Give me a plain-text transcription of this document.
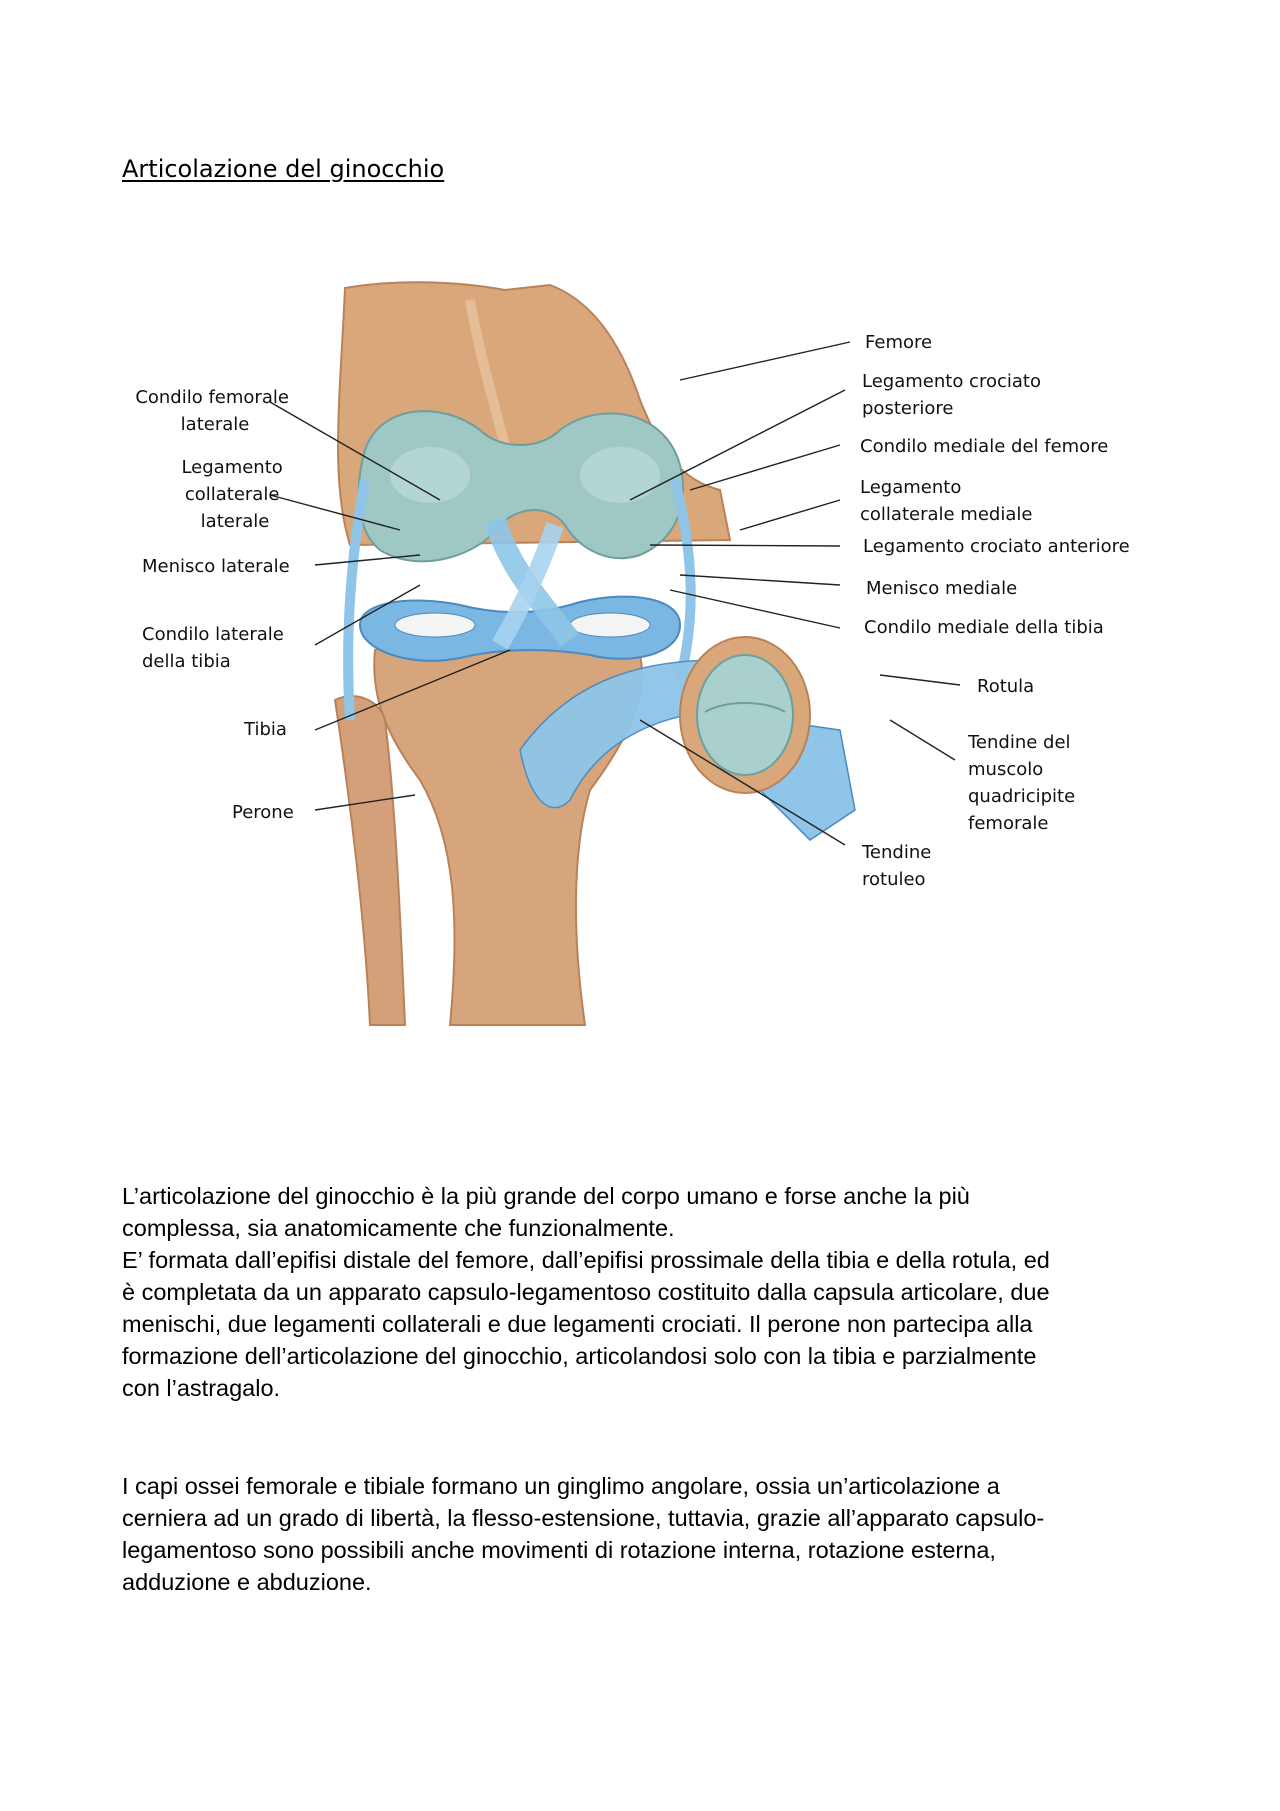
Articolazione del ginocchio
Condilo femorale laterale
Legamento collaterale laterale
Menisco laterale
Condilo laterale della tibia
Tibia
Perone
Femore
Legamento crociato posteriore
Condilo mediale del femore
Legamento collaterale mediale
Legamento crociato anteriore
Menisco mediale
Condilo mediale della tibia
Rotula
Tendine del muscolo quadricipite femorale
Tendine rotuleo

L’articolazione del ginocchio è la più grande del corpo umano e forse anche la più
complessa, sia anatomicamente che funzionalmente.
E’ formata dall’epifisi distale del femore, dall’epifisi prossimale della tibia e della rotula, ed
è completata da un apparato capsulo-legamentoso costituito dalla capsula articolare, due
menischi, due legamenti collaterali e due legamenti crociati. Il perone non partecipa alla
formazione dell’articolazione del ginocchio, articolandosi solo con la tibia e parzialmente
con l’astragalo.

I capi ossei femorale e tibiale formano un ginglimo angolare, ossia un’articolazione a
cerniera ad un grado di libertà, la flesso-estensione, tuttavia, grazie all’apparato capsulo-
legamentoso sono possibili anche movimenti di rotazione interna, rotazione esterna,
adduzione e abduzione.
